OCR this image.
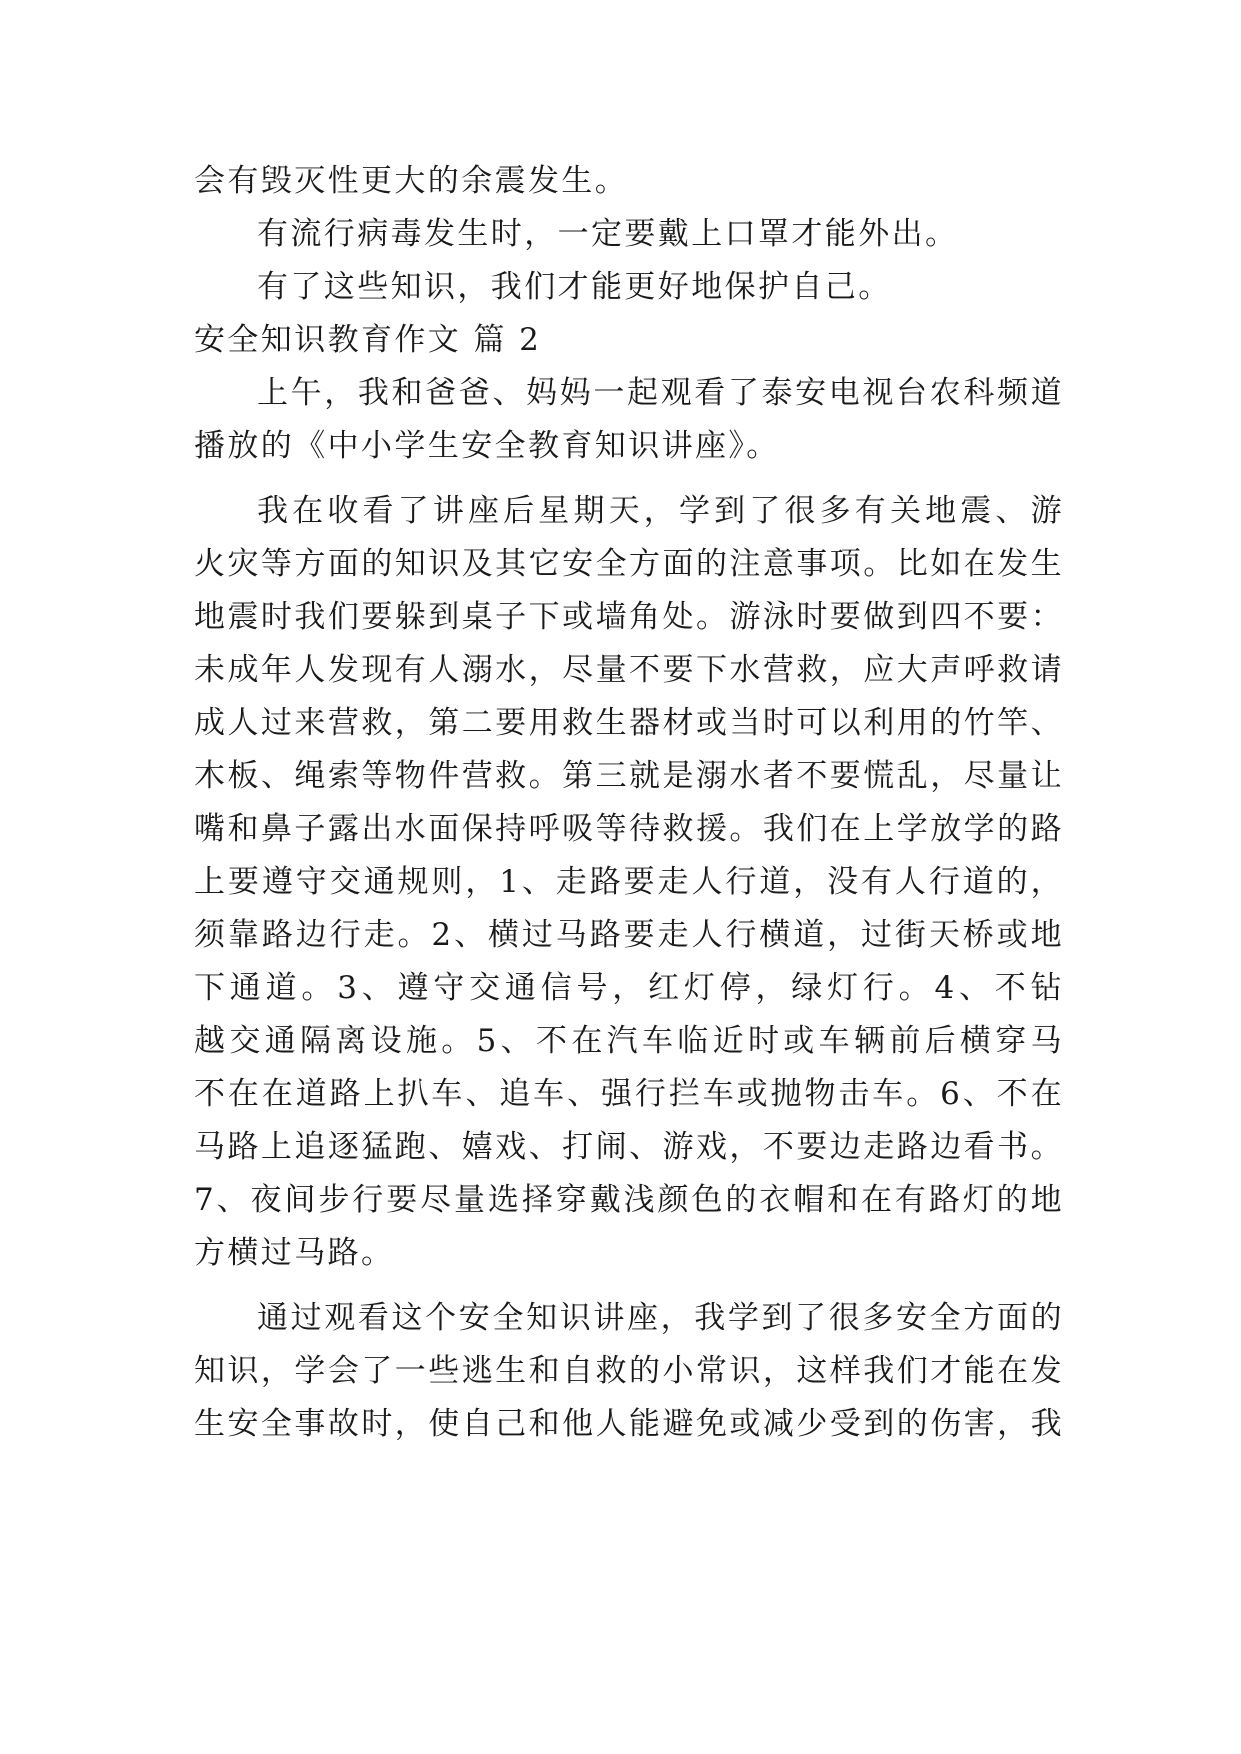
会有毁灭性更大的余震发生。
有流行病毒发生时，一定要戴上口罩才能外出。
有了这些知识，我们才能更好地保护自己。
安全知识教育作文 篇 2
上午，我和爸爸、妈妈一起观看了泰安电视台农科频道
播放的《中小学生安全教育知识讲座》。
我在收看了讲座后星期天，学到了很多有关地震、游
火灾等方面的知识及其它安全方面的注意事项。比如在发生
地震时我们要躲到桌子下或墙角处。游泳时要做到四不要：
未成年人发现有人溺水，尽量不要下水营救，应大声呼救请
成人过来营救，第二要用救生器材或当时可以利用的竹竿、
木板、绳索等物件营救。第三就是溺水者不要慌乱，尽量让
嘴和鼻子露出水面保持呼吸等待救援。我们在上学放学的路
上要遵守交通规则，1、走路要走人行道，没有人行道的，
须靠路边行走。2、横过马路要走人行横道，过街天桥或地
下通道。3、遵守交通信号，红灯停，绿灯行。4、不钻
越交通隔离设施。5、不在汽车临近时或车辆前后横穿马
不在在道路上扒车、追车、强行拦车或抛物击车。6、不在
马路上追逐猛跑、嬉戏、打闹、游戏，不要边走路边看书。
7、夜间步行要尽量选择穿戴浅颜色的衣帽和在有路灯的地
方横过马路。
通过观看这个安全知识讲座，我学到了很多安全方面的
知识，学会了一些逃生和自救的小常识，这样我们才能在发
生安全事故时，使自己和他人能避免或减少受到的伤害，我
